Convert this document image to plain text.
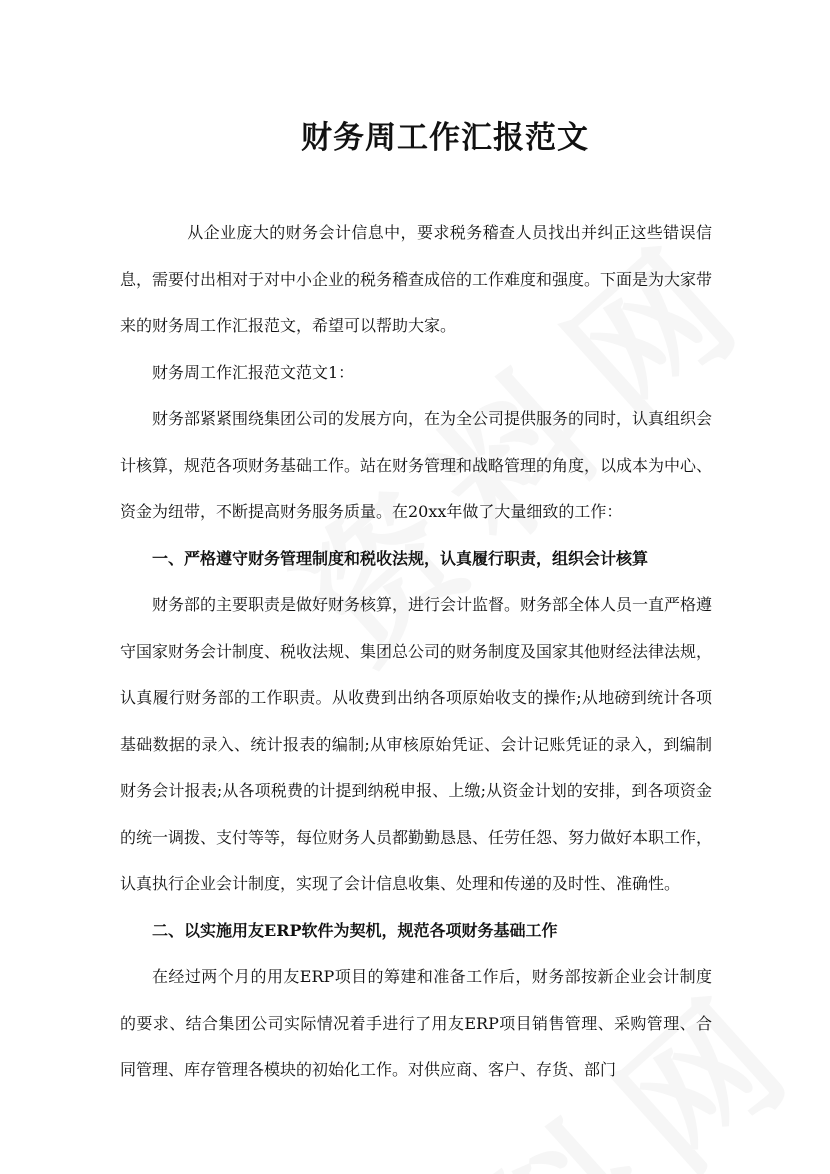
财务周工作汇报范文

从企业庞大的财务会计信息中，要求税务稽查人员找出并纠正这些错误信息，需要付出相对于对中小企业的税务稽查成倍的工作难度和强度。下面是为大家带来的财务周工作汇报范文，希望可以帮助大家。

财务周工作汇报范文范文1：

财务部紧紧围绕集团公司的发展方向，在为全公司提供服务的同时，认真组织会计核算，规范各项财务基础工作。站在财务管理和战略管理的角度，以成本为中心、资金为纽带，不断提高财务服务质量。在20xx年做了大量细致的工作：

一、严格遵守财务管理制度和税收法规，认真履行职责，组织会计核算

财务部的主要职责是做好财务核算，进行会计监督。财务部全体人员一直严格遵守国家财务会计制度、税收法规、集团总公司的财务制度及国家其他财经法律法规，认真履行财务部的工作职责。从收费到出纳各项原始收支的操作;从地磅到统计各项基础数据的录入、统计报表的编制;从审核原始凭证、会计记账凭证的录入，到编制财务会计报表;从各项税费的计提到纳税申报、上缴;从资金计划的安排，到各项资金的统一调拨、支付等等，每位财务人员都勤勤恳恳、任劳任怨、努力做好本职工作，认真执行企业会计制度，实现了会计信息收集、处理和传递的及时性、准确性。

二、以实施用友ERP软件为契机，规范各项财务基础工作

在经过两个月的用友ERP项目的筹建和准备工作后，财务部按新企业会计制度的要求、结合集团公司实际情况着手进行了用友ERP项目销售管理、采购管理、合同管理、库存管理各模块的初始化工作。对供应商、客户、存货、部门
